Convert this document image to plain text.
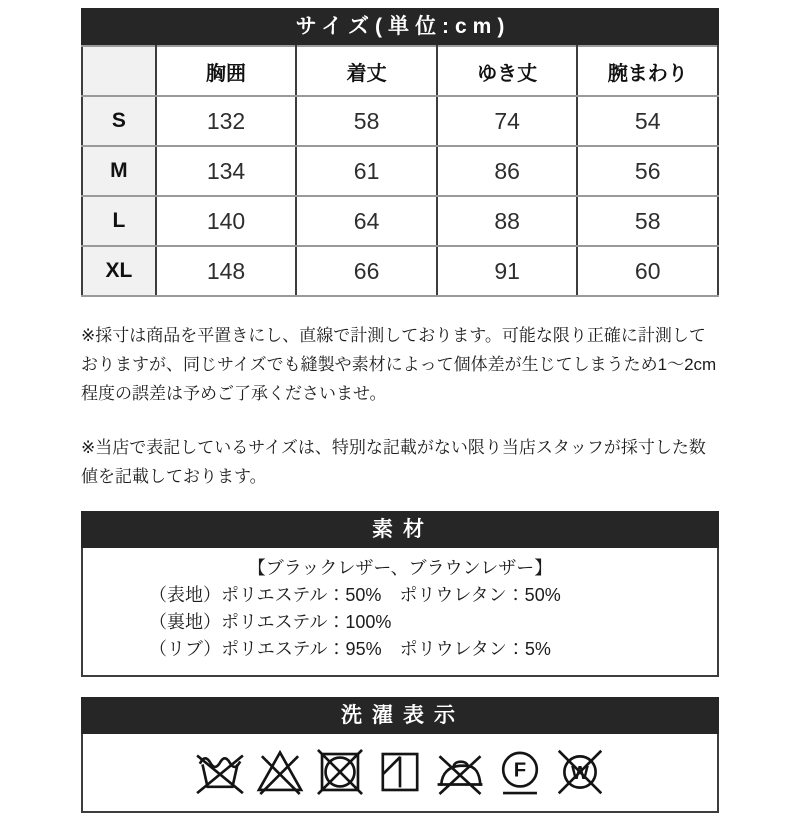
サイズ(単位:cm)
	胸囲	着丈	ゆき丈	腕まわり
S	132	58	74	54
M	134	61	86	56
L	140	64	88	58
XL	148	66	91	60

※採寸は商品を平置きにし、直線で計測しております。可能な限り正確に計測しておりますが、同じサイズでも縫製や素材によって個体差が生じてしまうため1～2cm程度の誤差は予めご了承くださいませ。

※当店で表記しているサイズは、特別な記載がない限り当店スタッフが採寸した数値を記載しております。

素材
【ブラックレザー、ブラウンレザー】
（表地）ポリエステル：50%　ポリウレタン：50%
（裏地）ポリエステル：100%
（リブ）ポリエステル：95%　ポリウレタン：5%
洗濯表示
F W
